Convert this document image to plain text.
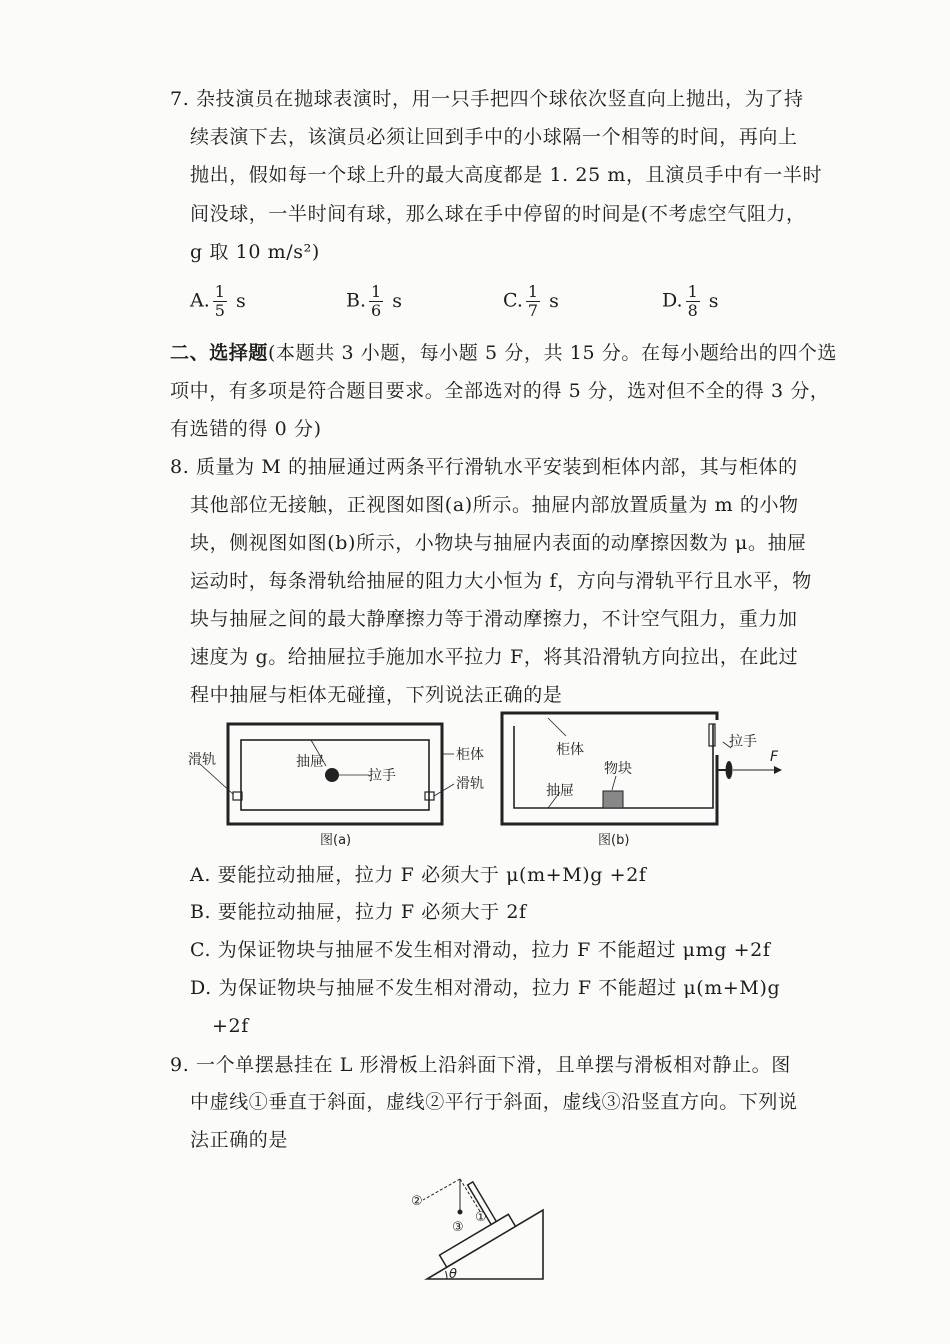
7. 杂技演员在抛球表演时，用一只手把四个球依次竖直向上抛出，为了持
续表演下去，该演员必须让回到手中的小球隔一个相等的时间，再向上
抛出，假如每一个球上升的最大高度都是 1. 25 m，且演员手中有一半时
间没球，一半时间有球，那么球在手中停留的时间是(不考虑空气阻力，
g 取 10 m/s²)
A. $\frac{1}{5}$ s	B. $\frac{1}{6}$ s	C. $\frac{1}{7}$ s	D. $\frac{1}{8}$ s
二、选择题(本题共 3 小题，每小题 5 分，共 15 分。在每小题给出的四个选
项中，有多项是符合题目要求。全部选对的得 5 分，选对但不全的得 3 分，
有选错的得 0 分)
8. 质量为 M 的抽屉通过两条平行滑轨水平安装到柜体内部，其与柜体的
其他部位无接触，正视图如图(a)所示。抽屉内部放置质量为 m 的小物
块，侧视图如图(b)所示，小物块与抽屉内表面的动摩擦因数为 μ。抽屉
运动时，每条滑轨给抽屉的阻力大小恒为 f，方向与滑轨平行且水平，物
块与抽屉之间的最大静摩擦力等于滑动摩擦力，不计空气阻力，重力加
速度为 g。给抽屉拉手施加水平拉力 F，将其沿滑轨方向拉出，在此过
程中抽屉与柜体无碰撞，下列说法正确的是
滑轨	抽屉
拉手
柜体
滑轨
图(a)
柜体	拉手
物块
抽屉
F
图(b)
A. 要能拉动抽屉，拉力 F 必须大于 μ(m+M)g +2f
B. 要能拉动抽屉，拉力 F 必须大于 2f
C. 为保证物块与抽屉不发生相对滑动，拉力 F 不能超过 μmg +2f
D. 为保证物块与抽屉不发生相对滑动，拉力 F 不能超过 μ(m+M)g
+2f
9. 一个单摆悬挂在 L 形滑板上沿斜面下滑，且单摆与滑板相对静止。图
中虚线①垂直于斜面，虚线②平行于斜面，虚线③沿竖直方向。下列说
法正确的是
θ
②
①
③
